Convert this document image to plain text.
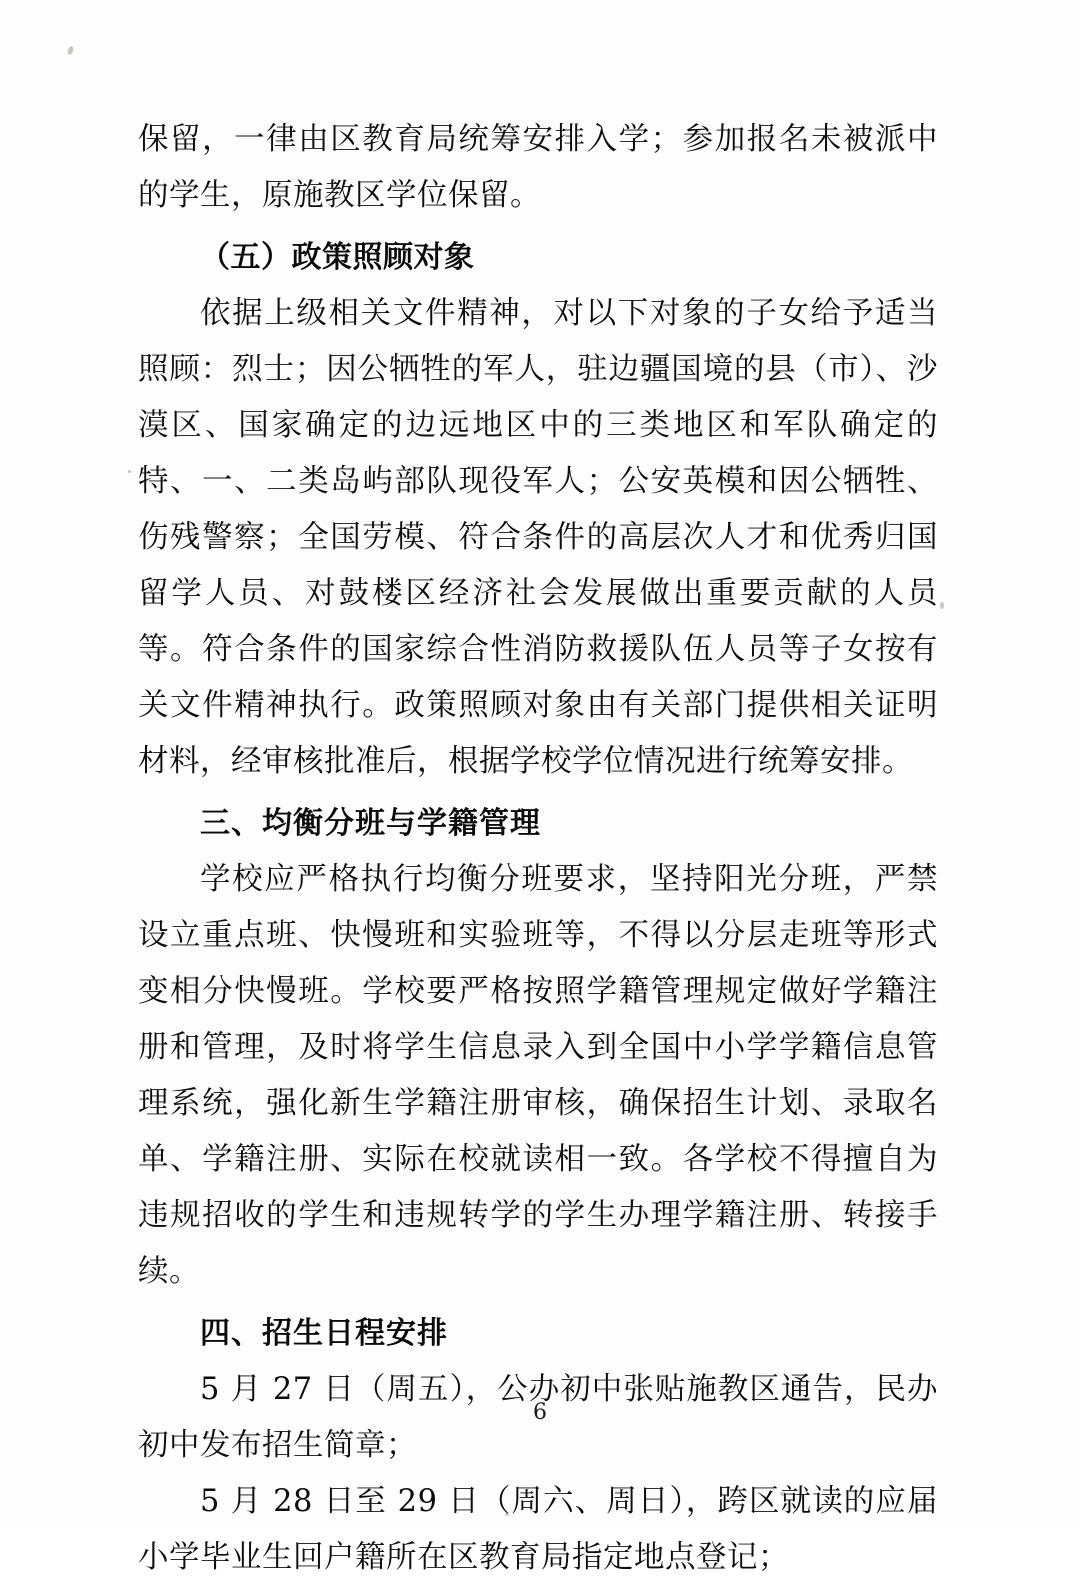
保留，一律由区教育局统筹安排入学；参加报名未被派中的学生，原施教区学位保留。

（五）政策照顾对象

依据上级相关文件精神，对以下对象的子女给予适当照顾：烈士；因公牺牲的军人，驻边疆国境的县（市）、沙漠区、国家确定的边远地区中的三类地区和军队确定的特、一、二类岛屿部队现役军人；公安英模和因公牺牲、伤残警察；全国劳模、符合条件的高层次人才和优秀归国留学人员、对鼓楼区经济社会发展做出重要贡献的人员等。符合条件的国家综合性消防救援队伍人员等子女按有关文件精神执行。政策照顾对象由有关部门提供相关证明材料，经审核批准后，根据学校学位情况进行统筹安排。

三、均衡分班与学籍管理

学校应严格执行均衡分班要求，坚持阳光分班，严禁设立重点班、快慢班和实验班等，不得以分层走班等形式变相分快慢班。学校要严格按照学籍管理规定做好学籍注册和管理，及时将学生信息录入到全国中小学学籍信息管理系统，强化新生学籍注册审核，确保招生计划、录取名单、学籍注册、实际在校就读相一致。各学校不得擅自为违规招收的学生和违规转学的学生办理学籍注册、转接手续。

四、招生日程安排

5 月 27 日（周五），公办初中张贴施教区通告，民办初中发布招生简章；

5 月 28 日至 29 日（周六、周日），跨区就读的应届小学毕业生回户籍所在区教育局指定地点登记；

6
